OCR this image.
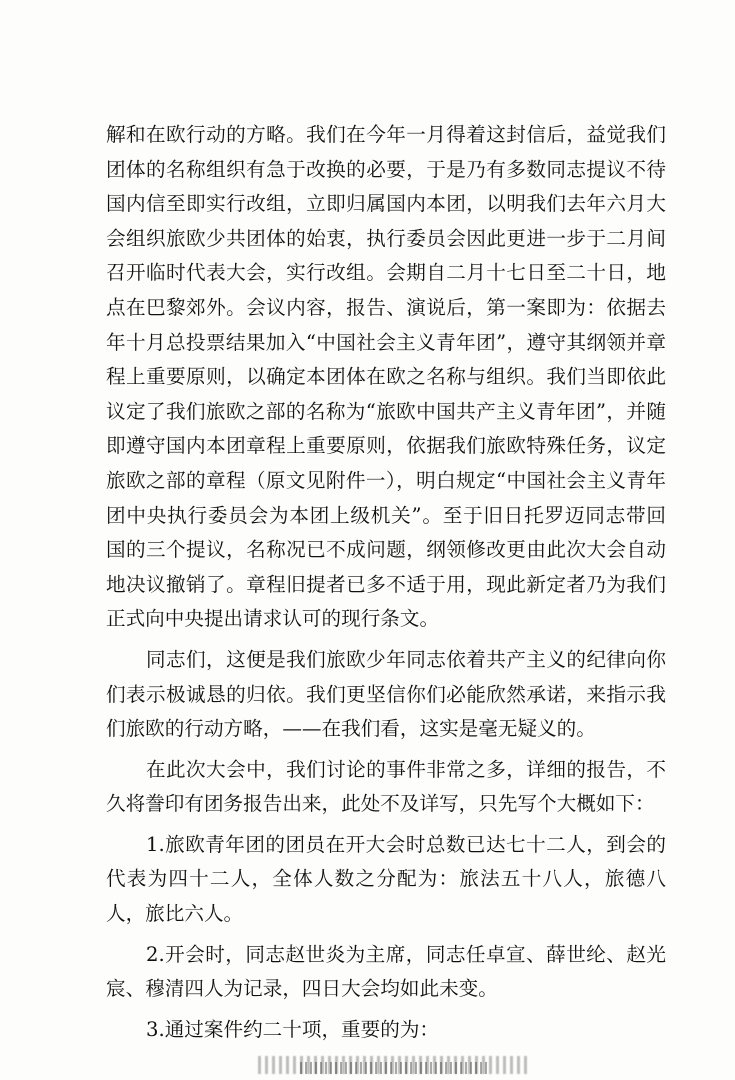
解和在欧行动的方略。我们在今年一月得着这封信后，益觉我们
团体的名称组织有急于改换的必要，于是乃有多数同志提议不待
国内信至即实行改组，立即归属国内本团，以明我们去年六月大
会组织旅欧少共团体的始衷，执行委员会因此更进一步于二月间
召开临时代表大会，实行改组。会期自二月十七日至二十日，地
点在巴黎郊外。会议内容，报告、演说后，第一案即为：依据去
年十月总投票结果加入“中国社会主义青年团”，遵守其纲领并章
程上重要原则，以确定本团体在欧之名称与组织。我们当即依此
议定了我们旅欧之部的名称为“旅欧中国共产主义青年团”，并随
即遵守国内本团章程上重要原则，依据我们旅欧特殊任务，议定
旅欧之部的章程（原文见附件一），明白规定“中国社会主义青年
团中央执行委员会为本团上级机关”。至于旧日托罗迈同志带回
国的三个提议，名称况已不成问题，纲领修改更由此次大会自动
地决议撤销了。章程旧提者已多不适于用，现此新定者乃为我们
正式向中央提出请求认可的现行条文。
同志们，这便是我们旅欧少年同志依着共产主义的纪律向你
们表示极诚恳的归依。我们更坚信你们必能欣然承诺，来指示我
们旅欧的行动方略，——在我们看，这实是毫无疑义的。
在此次大会中，我们讨论的事件非常之多，详细的报告，不
久将誊印有团务报告出来，此处不及详写，只先写个大概如下：
1.旅欧青年团的团员在开大会时总数已达七十二人，到会的
代表为四十二人，全体人数之分配为：旅法五十八人，旅德八
人，旅比六人。
2.开会时，同志赵世炎为主席，同志任卓宣、薛世纶、赵光
宸、穆清四人为记录，四日大会均如此未变。
3.通过案件约二十项，重要的为：
